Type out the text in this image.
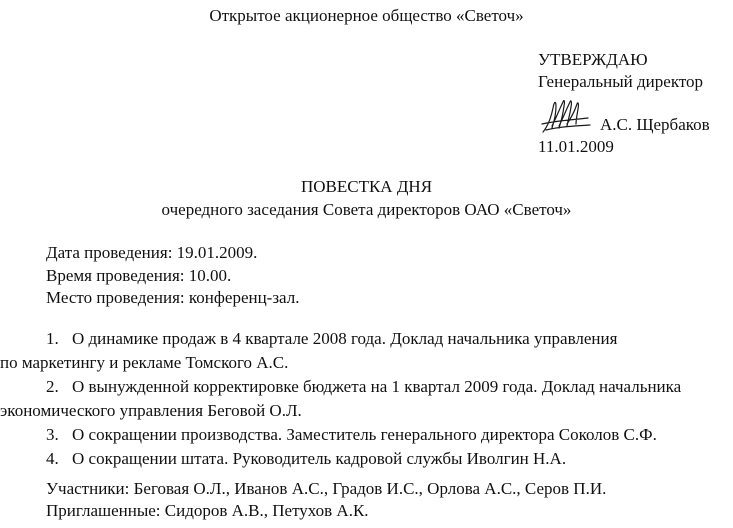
Открытое акционерное общество «Светоч»
УТВЕРЖДАЮ
Генеральный директор
А.С. Щербаков
11.01.2009
ПОВЕСТКА ДНЯ
очередного заседания Совета директоров ОАО «Светоч»
Дата проведения: 19.01.2009.
Время проведения: 10.00.
Место проведения: конференц-зал.
1. О динамике продаж в 4 квартале 2008 года. Доклад начальника управления
по маркетингу и рекламе Томского А.С.
2. О вынужденной корректировке бюджета на 1 квартал 2009 года. Доклад начальника
экономического управления Беговой О.Л.
3. О сокращении производства. Заместитель генерального директора Соколов С.Ф.
4. О сокращении штата. Руководитель кадровой службы Иволгин Н.А.
Участники: Беговая О.Л., Иванов А.С., Градов И.С., Орлова А.С., Серов П.И.
Приглашенные: Сидоров А.В., Петухов А.К.
